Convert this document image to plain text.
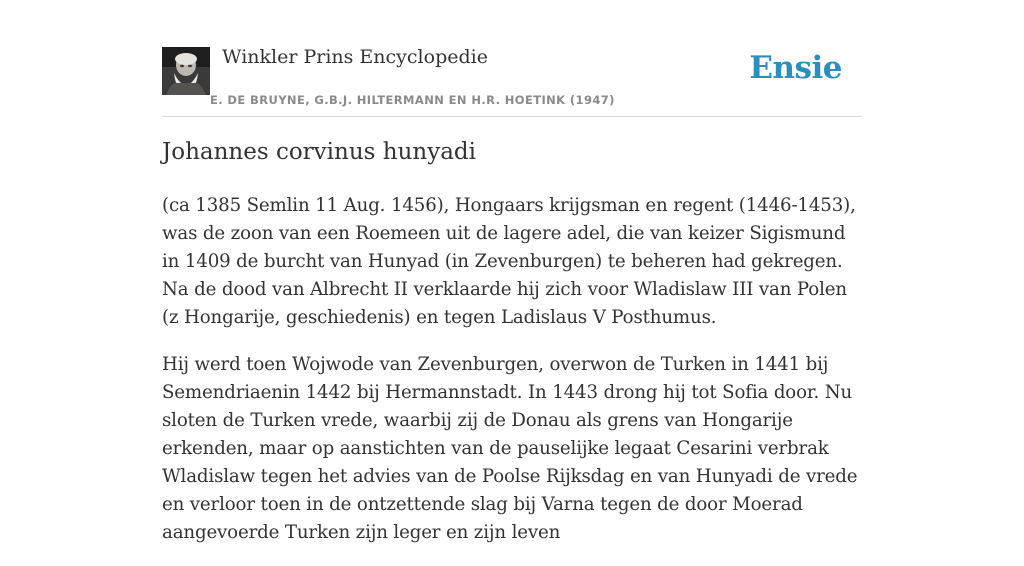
Winkler Prins Encyclopedie
E. DE BRUYNE, G.B.J. HILTERMANN EN H.R. HOETINK (1947)
Ensie
Johannes corvinus hunyadi

(ca 1385 Semlin 11 Aug. 1456), Hongaars krijgsman en regent (1446-1453), was de zoon van een Roemeen uit de lagere adel, die van keizer Sigismund in 1409 de burcht van Hunyad (in Zevenburgen) te beheren had gekregen. Na de dood van Albrecht II verklaarde hij zich voor Wladislaw III van Polen (z Hongarije, geschiedenis) en tegen Ladislaus V Posthumus.

Hij werd toen Wojwode van Zevenburgen, overwon de Turken in 1441 bij Semendriaenin 1442 bij Hermannstadt. In 1443 drong hij tot Sofia door. Nu sloten de Turken vrede, waarbij zij de Donau als grens van Hongarije erkenden, maar op aanstichten van de pauselijke legaat Cesarini verbrak Wladislaw tegen het advies van de Poolse Rijksdag en van Hunyadi de vrede en verloor toen in de ontzettende slag bij Varna tegen de door Moerad aangevoerde Turken zijn leger en zijn leven
